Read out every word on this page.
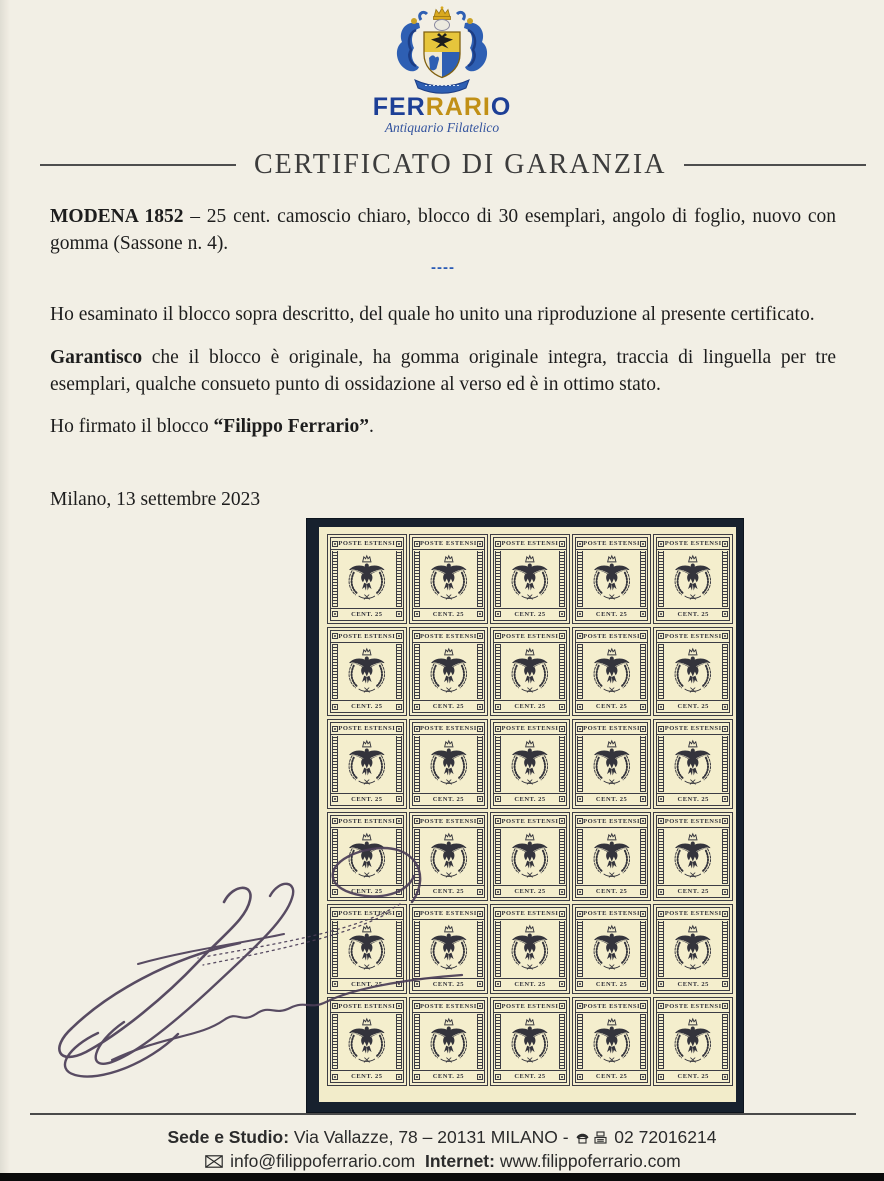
FERRARIO
Antiquario Filatelico
CERTIFICATO DI GARANZIA
MODENA 1852 – 25 cent. camoscio chiaro, blocco di 30 esemplari, angolo di foglio, nuovo con gomma (Sassone n. 4).
----
Ho esaminato il blocco sopra descritto, del quale ho unito una riproduzione al presente certificato.
Garantisco che il blocco è originale, ha gomma originale integra, traccia di linguella per tre esemplari, qualche consueto punto di ossidazione al verso ed è in ottimo stato.
Ho firmato il blocco “Filippo Ferrario”.
Milano, 13 settembre 2023
POSTE ESTENSI
CENT. 25
POSTE ESTENSI
CENT. 25
POSTE ESTENSI
CENT. 25
POSTE ESTENSI
CENT. 25
POSTE ESTENSI
CENT. 25
POSTE ESTENSI
CENT. 25
POSTE ESTENSI
CENT. 25
POSTE ESTENSI
CENT. 25
POSTE ESTENSI
CENT. 25
POSTE ESTENSI
CENT. 25
POSTE ESTENSI
CENT. 25
POSTE ESTENSI
CENT. 25
POSTE ESTENSI
CENT. 25
POSTE ESTENSI
CENT. 25
POSTE ESTENSI
CENT. 25
POSTE ESTENSI
CENT. 25
POSTE ESTENSI
CENT. 25
POSTE ESTENSI
CENT. 25
POSTE ESTENSI
CENT. 25
POSTE ESTENSI
CENT. 25
POSTE ESTENSI
CENT. 25
POSTE ESTENSI
CENT. 25
POSTE ESTENSI
CENT. 25
POSTE ESTENSI
CENT. 25
POSTE ESTENSI
CENT. 25
POSTE ESTENSI
CENT. 25
POSTE ESTENSI
CENT. 25
POSTE ESTENSI
CENT. 25
POSTE ESTENSI
CENT. 25
POSTE ESTENSI
CENT. 25
Sede e Studio: Via Vallazze, 78 – 20131 MILANO -  02 72016214
info@filippoferrario.com Internet: www.filippoferrario.com
